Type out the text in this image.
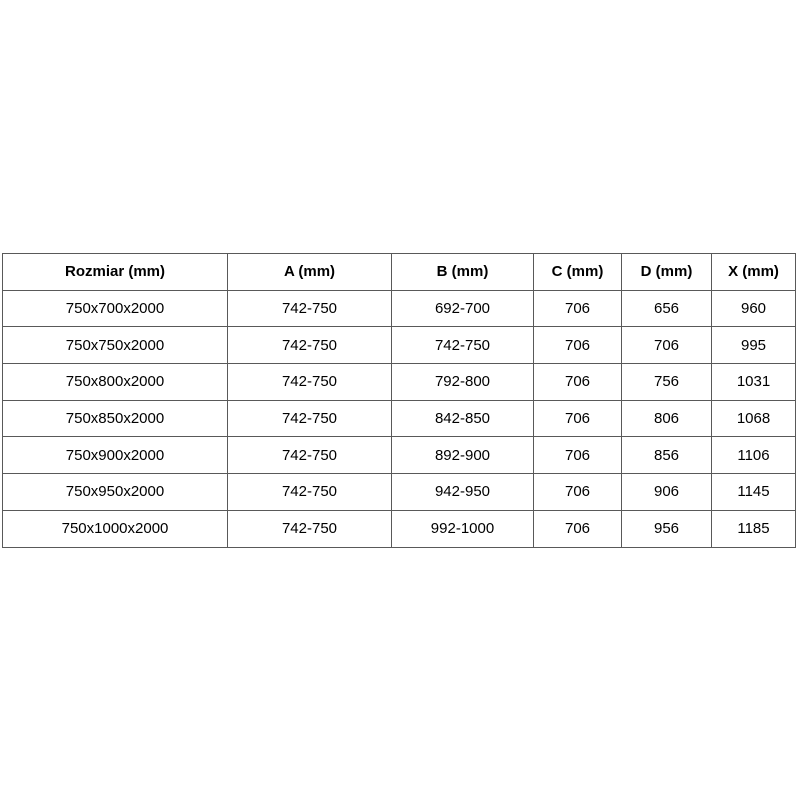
Rozmiar (mm)	A (mm)	B (mm)	C (mm)	D (mm)	X (mm)
750x700x2000	742-750	692-700	706	656	960
750x750x2000	742-750	742-750	706	706	995
750x800x2000	742-750	792-800	706	756	1031
750x850x2000	742-750	842-850	706	806	1068
750x900x2000	742-750	892-900	706	856	1106
750x950x2000	742-750	942-950	706	906	1145
750x1000x2000	742-750	992-1000	706	956	1185
